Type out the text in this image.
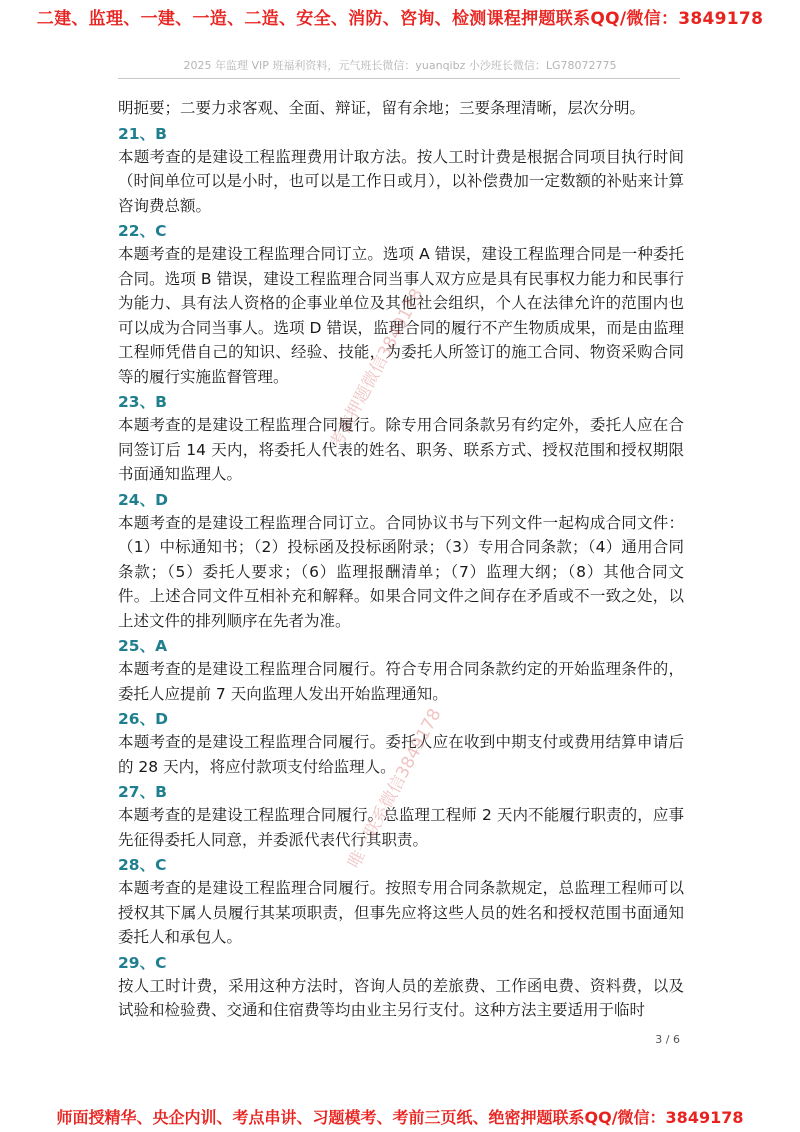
二建、监理、一建、一造、二造、安全、消防、咨询、检测课程押题联系QQ/微信：3849178
2025 年监理 VIP 班福利资料，元气班长微信：yuanqibz 小沙班长微信：LG78072775

明扼要；二要力求客观、全面、辩证，留有余地；三要条理清晰，层次分明。

21、B

本题考查的是建设工程监理费用计取方法。按人工时计费是根据合同项目执行时间（时间单位可以是小时，也可以是工作日或月），以补偿费加一定数额的补贴来计算咨询费总额。

22、C

本题考查的是建设工程监理合同订立。选项 A 错误，建设工程监理合同是一种委托合同。选项 B 错误，建设工程监理合同当事人双方应是具有民事权力能力和民事行为能力、具有法人资格的企事业单位及其他社会组织，个人在法律允许的范围内也可以成为合同当事人。选项 D 错误，监理合同的履行不产生物质成果，而是由监理工程师凭借自己的知识、经验、技能，为委托人所签订的施工合同、物资采购合同等的履行实施监督管理。

23、B

本题考查的是建设工程监理合同履行。除专用合同条款另有约定外，委托人应在合同签订后 14 天内，将委托人代表的姓名、职务、联系方式、授权范围和授权期限书面通知监理人。

24、D

本题考查的是建设工程监理合同订立。合同协议书与下列文件一起构成合同文件：（1）中标通知书；（2）投标函及投标函附录；（3）专用合同条款；（4）通用合同条款；（5）委托人要求；（6）监理报酬清单；（7）监理大纲；（8）其他合同文件。上述合同文件互相补充和解释。如果合同文件之间存在矛盾或不一致之处，以上述文件的排列顺序在先者为准。

25、A

本题考查的是建设工程监理合同履行。符合专用合同条款约定的开始监理条件的，委托人应提前 7 天向监理人发出开始监理通知。

26、D

本题考查的是建设工程监理合同履行。委托人应在收到中期支付或费用结算申请后的 28 天内，将应付款项支付给监理人。

27、B

本题考查的是建设工程监理合同履行。总监理工程师 2 天内不能履行职责的，应事先征得委托人同意，并委派代表代行其职责。

28、C

本题考查的是建设工程监理合同履行。按照专用合同条款规定，总监理工程师可以授权其下属人员履行其某项职责，但事先应将这些人员的姓名和授权范围书面通知委托人和承包人。

29、C

按人工时计费，采用这种方法时，咨询人员的差旅费、工作函电费、资料费，以及试验和检验费、交通和住宿费等均由业主另行支付。这种方法主要适用于临时

考前押题微信3849178
唯一联系微信3849178
3 / 6
师面授精华、央企内训、考点串讲、习题模考、考前三页纸、绝密押题联系QQ/微信：3849178
